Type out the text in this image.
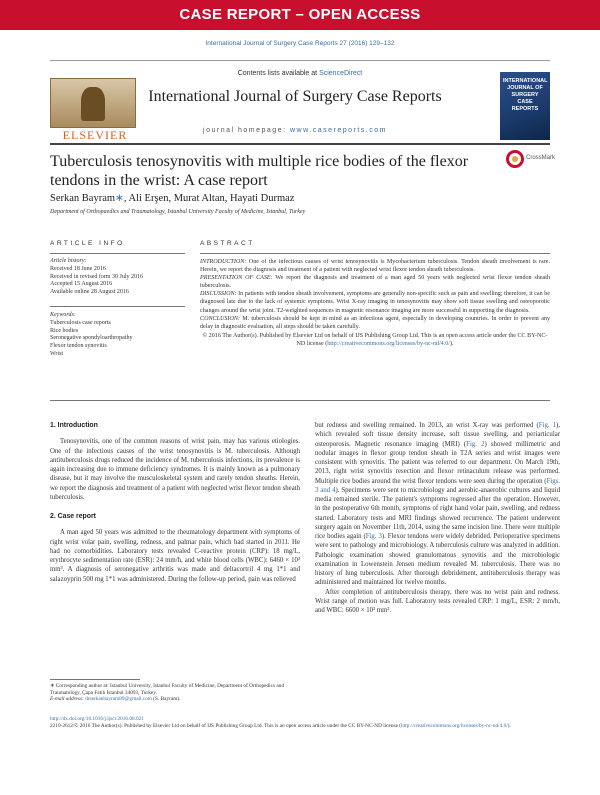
CASE REPORT – OPEN ACCESS
International Journal of Surgery Case Reports 27 (2016) 129–132
Contents lists available at ScienceDirect
ELSEVIER
International Journal of Surgery Case Reports
journal homepage: www.casereports.com
INTERNATIONAL
JOURNAL OF
SURGERY
CASE
REPORTS
Tuberculosis tenosynovitis with multiple rice bodies of the flexor tendons in the wrist: A case report
CrossMark
Serkan Bayram∗, Ali Erşen, Murat Altan, Hayati Durmaz
Department of Orthopaedics and Traumatology, Istanbul University Faculty of Medicine, Istanbul, Turkey
ARTICLE INFO	ABSTRACT
Article history:
Received 18 June 2016
Received in revised form 30 July 2016
Accepted 15 August 2016
Available online 28 August 2016
Keywords:
Tuberculosis case reports
Rice bodies
Seronegative spondyloarthropathy
Flexor tendon synovitis
Wrist

INTRODUCTION: One of the infectious causes of wrist tenosynovitis is Mycobacterium tuberculosis. Tendon sheath involvement is rare. Herein, we report the diagnosis and treatment of a patient with neglected wrist flexor tendon sheath tuberculosis.

PRESENTATION OF CASE: We report the diagnosis and treatment of a man aged 50 years with neglected wrist flexor tendon sheath tuberculosis.

DISCUSSION: In patients with tendon sheath involvement, symptoms are generally non-specific such as pain and swelling; therefore, it can be diagnosed late due to the lack of systemic symptoms. Wrist X-ray imaging in tenosynovitis may show soft tissue swelling and osteoporotic changes around the wrist joint. T2-weighted sequences in magnetic resonance imaging are more successful in supporting the diagnosis.

CONCLUSION: M. tuberculosis should be kept in mind as an infectious agent, especially in developing countries. In order to prevent any delay in diagnostic evaluation, all steps should be taken carefully.

© 2016 The Author(s). Published by Elsevier Ltd on behalf of IJS Publishing Group Ltd. This is an open access article under the CC BY-NC-ND license (http://creativecommons.org/licenses/by-nc-nd/4.0/).

1. Introduction

Tenosynovitis, one of the common reasons of wrist pain, may has various etiologies. One of the infectious causes of the wrist tenosynovitis is M. tuberculosis. Although antituberculosis drugs reduced the incidence of M. tuberculosis infections, its prevalence is again increasing due to immune deficiency syndromes. It is mainly known as a pulmonary disease, but it may involve the musculoskeletal system and rarely tendon sheaths. Herein, we report the diagnosis and treatment of a patient with neglected wrist flexor tendon sheath tuberculosis.

2. Case report

A man aged 50 years was admitted to the rheumatology department with symptoms of right wrist volar pain, swelling, redness, and palmar pain, which had started in 2011. He had no comorbidities. Laboratory tests revealed C-reactive protein (CRP): 18 mg/L, erythrocyte sedimentation rate (ESR): 24 mm/h, and white blood cells (WBC): 6460 × 10³ mm³. A diagnosis of seronegative arthritis was made and deltacortril 4 mg 1*1 and salazoyprin 500 mg 1*1 was administered. During the follow-up period, pain was relieved

but redness and swelling remained. In 2013, an wrist X-ray was performed (Fig. 1), which revealed soft tissue density increase, soft tissue swelling, and periarticular osteoporosis. Magnetic resonance imaging (MRI) (Fig. 2) showed millimetric and nodular images in flexor group tendon sheath in T2A series and wrist images were consistent with synovitis. The patient was referred to our department. On March 19th, 2013, right wrist synovitis resection and flexor retinaculum release was performed. Multiple rice bodies around the wrist flexor tendons were seen during the operation (Figs. 3 and 4). Specimens were sent to microbiology and aerobic-anaerobic cultures and liquid media remained sterile. The patient's symptoms regressed after the operation. However, in the postoperative 6th month, symptoms of right hand volar pain, swelling, and redness started. Laboratory tests and MRI findings showed recurrence. The patient underwent surgery again on November 11th, 2014, using the same incision line. There were multiple rice bodies again (Fig. 3). Flexor tendons were widely debrided. Perioperative specimens were sent to pathology and microbiology. A tuberculosis culture was analyzed in addition. Pathologic examination showed granulomatous synovitis and the microbiologic examination in Lowenstein Jensen medium revealed M. tuberculosis. There was no history of lung tuberculosis. After thorough debridement, antituberculosis therapy was administered and maintained for twelve months.

After completion of antituberculosis therapy, there was no wrist pain and redness. Wrist range of motion was full. Laboratory tests revealed CRP: 1 mg/L, ESR: 2 mm/h, and WBC: 6600 × 10³ mm³.

∗ Corresponding author at: Istanbul University, Istanbul Faculty of Medicine, Department of Orthopedics and Traumatology, Çapa Fatih Istanbul 34093, Turkey.
E-mail address: drserkanbayram89@gmail.com (S. Bayram).
http://dx.doi.org/10.1016/j.ijscr.2016.08.021
2210-2612/© 2016 The Author(s). Published by Elsevier Ltd on behalf of IJS Publishing Group Ltd. This is an open access article under the CC BY-NC-ND license (http://creativecommons.org/licenses/by-nc-nd/4.0/).
